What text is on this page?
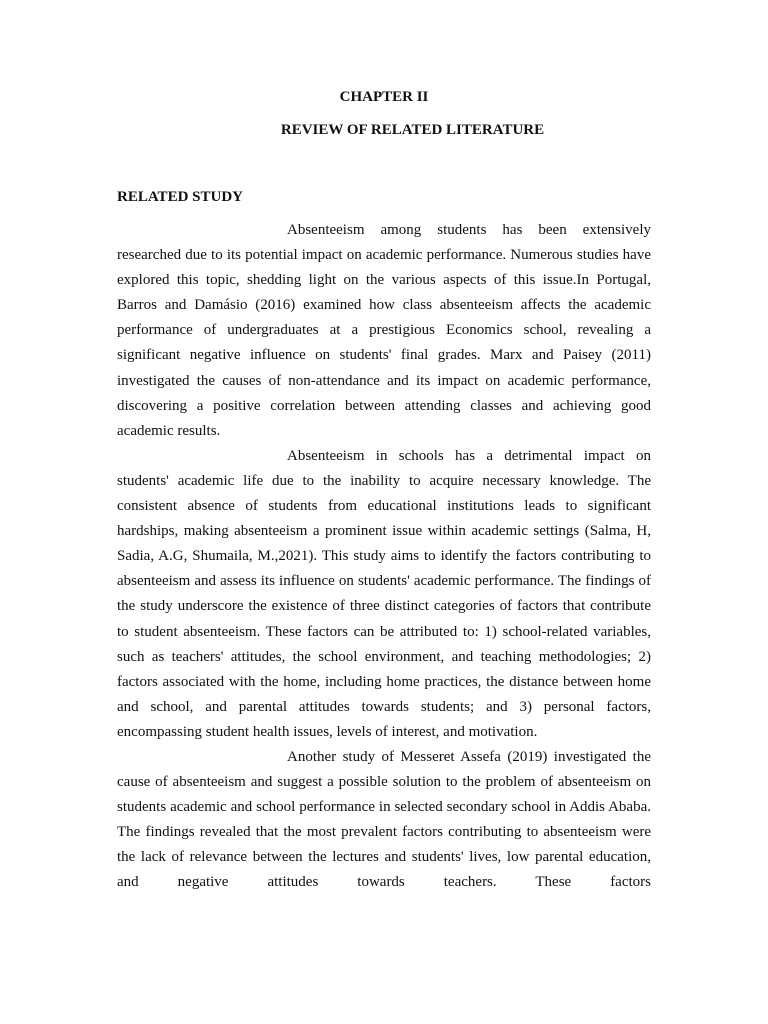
CHAPTER II
REVIEW OF RELATED LITERATURE
RELATED STUDY

Absenteeism among students has been extensively researched due to its potential impact on academic performance. Numerous studies have explored this topic, shedding light on the various aspects of this issue.In Portugal, Barros and Damásio (2016) examined how class absenteeism affects the academic performance of undergraduates at a prestigious Economics school, revealing a significant negative influence on students' final grades. Marx and Paisey (2011) investigated the causes of non-attendance and its impact on academic performance, discovering a positive correlation between attending classes and achieving good academic results.

Absenteeism in schools has a detrimental impact on students' academic life due to the inability to acquire necessary knowledge. The consistent absence of students from educational institutions leads to significant hardships, making absenteeism a prominent issue within academic settings (Salma, H, Sadia, A.G, Shumaila, M.,2021). This study aims to identify the factors contributing to absenteeism and assess its influence on students' academic performance. The findings of the study underscore the existence of three distinct categories of factors that contribute to student absenteeism. These factors can be attributed to: 1) school-related variables, such as teachers' attitudes, the school environment, and teaching methodologies; 2) factors associated with the home, including home practices, the distance between home and school, and parental attitudes towards students; and 3) personal factors, encompassing student health issues, levels of interest, and motivation.

Another study of Messeret Assefa (2019) investigated the cause of absenteeism and suggest a possible solution to the problem of absenteeism on students academic and school performance in selected secondary school in Addis Ababa. The findings revealed that the most prevalent factors contributing to absenteeism were the lack of relevance between the lectures and students' lives, low parental education, and negative attitudes towards teachers. These factors
